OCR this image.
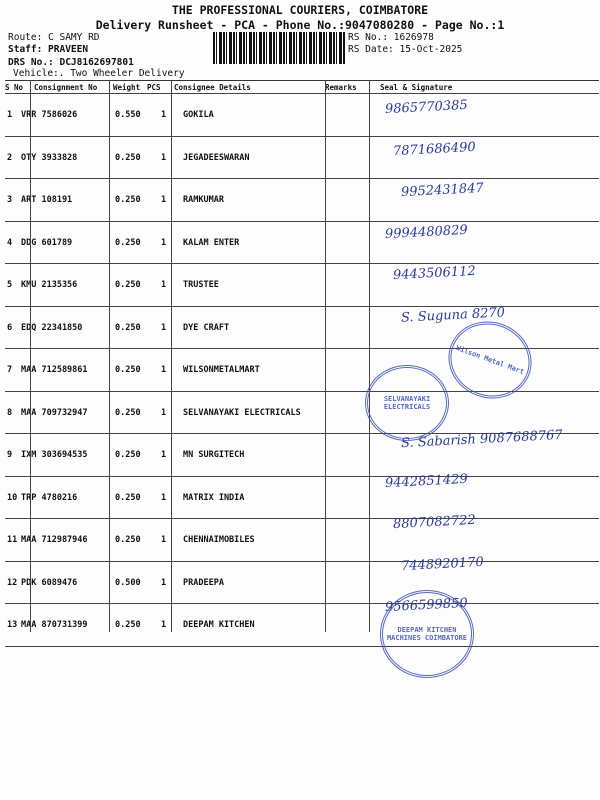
THE PROFESSIONAL COURIERS, COIMBATORE
Delivery Runsheet - PCA - Phone No.:9047080280 - Page No.:1
Route: C SAMY RD
Staff: PRAVEEN
DRS No.: DCJ8162697801
Vehicle:. Two Wheeler Delivery
RS No.: 1626978
RS Date: 15-Oct-2025
S No Consignment No Weight PCS Consignee Details	Remarks	Seal & Signature
1 VRR 7586026	0.550 1 GOKILA
2 OTY 3933828	0.250 1 JEGADEESWARAN
3 ART 108191	0.250 1 RAMKUMAR
4 DDG 601789	0.250 1 KALAM ENTER
5 KMU 2135356	0.250 1 TRUSTEE
6 EDQ 22341850	0.250 1 DYE CRAFT
7 MAA 712589861	0.250 1 WILSONMETALMART
8 MAA 709732947	0.250 1 SELVANAYAKI ELECTRICALS
9 IXM 303694535	0.250 1 MN SURGITECH
10 TRP 4780216	0.250 1 MATRIX INDIA
11 MAA 712987946	0.250 1 CHENNAIMOBILES
12 PDK 6089476	0.500 1 PRADEEPA
13 MAA 870731399	0.250 1 DEEPAM KITCHEN
9865770385
7871686490
9952431847
9994480829
9443506112
S. Suguna 8270
S. Sabarish 9087688767
9442851429
8807082722
7448920170
9566599850
Wilson Metal Mart
SELVANAYAKI ELECTRICALS
DEEPAM KITCHEN MACHINES COIMBATORE
